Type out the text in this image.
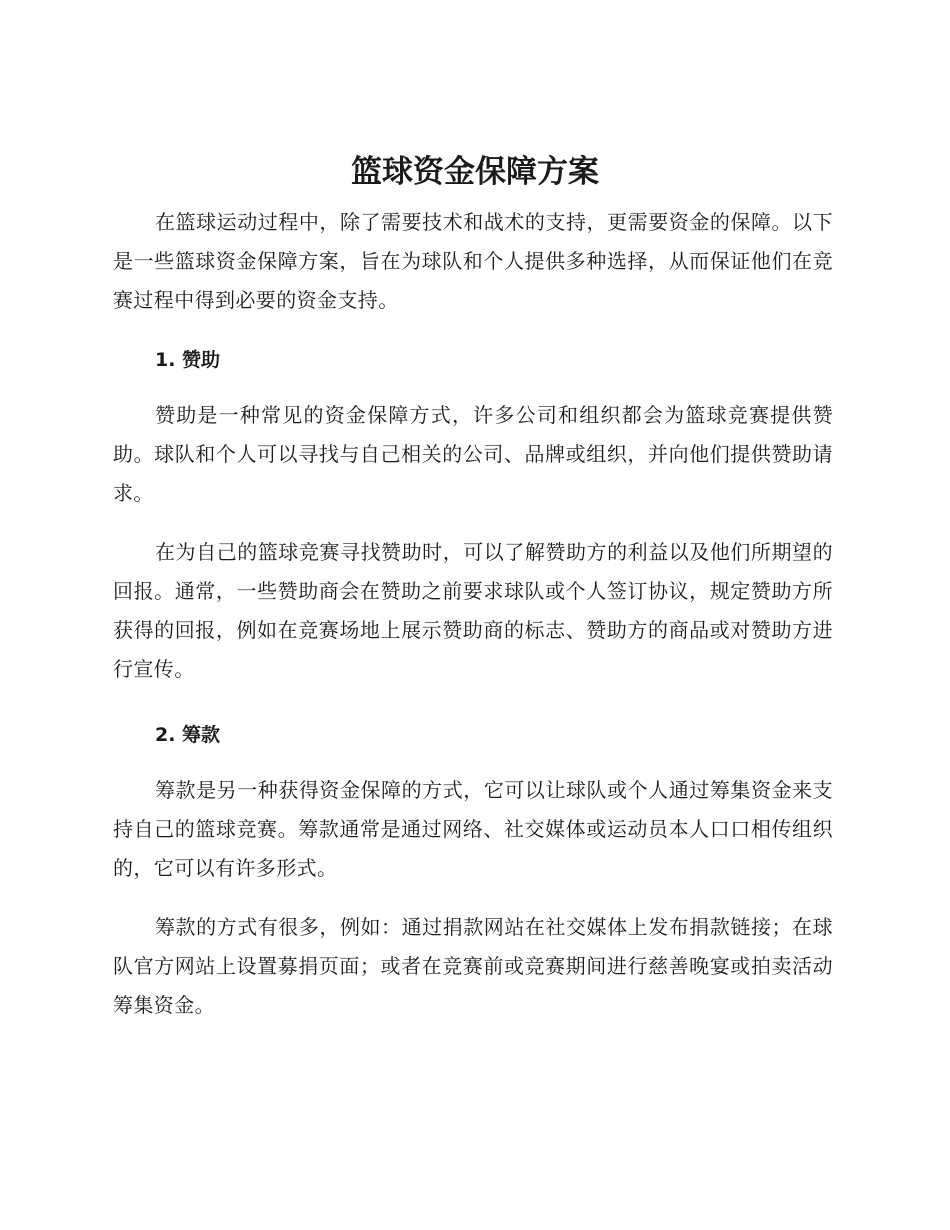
篮球资金保障方案

在篮球运动过程中，除了需要技术和战术的支持，更需要资金的保障。以下是一些篮球资金保障方案，旨在为球队和个人提供多种选择，从而保证他们在竞赛过程中得到必要的资金支持。

1. 赞助

赞助是一种常见的资金保障方式，许多公司和组织都会为篮球竞赛提供赞助。球队和个人可以寻找与自己相关的公司、品牌或组织，并向他们提供赞助请求。

在为自己的篮球竞赛寻找赞助时，可以了解赞助方的利益以及他们所期望的回报。通常，一些赞助商会在赞助之前要求球队或个人签订协议，规定赞助方所获得的回报，例如在竞赛场地上展示赞助商的标志、赞助方的商品或对赞助方进行宣传。

2. 筹款

筹款是另一种获得资金保障的方式，它可以让球队或个人通过筹集资金来支持自己的篮球竞赛。筹款通常是通过网络、社交媒体或运动员本人口口相传组织的，它可以有许多形式。

筹款的方式有很多，例如：通过捐款网站在社交媒体上发布捐款链接；在球队官方网站上设置募捐页面；或者在竞赛前或竞赛期间进行慈善晚宴或拍卖活动筹集资金。
